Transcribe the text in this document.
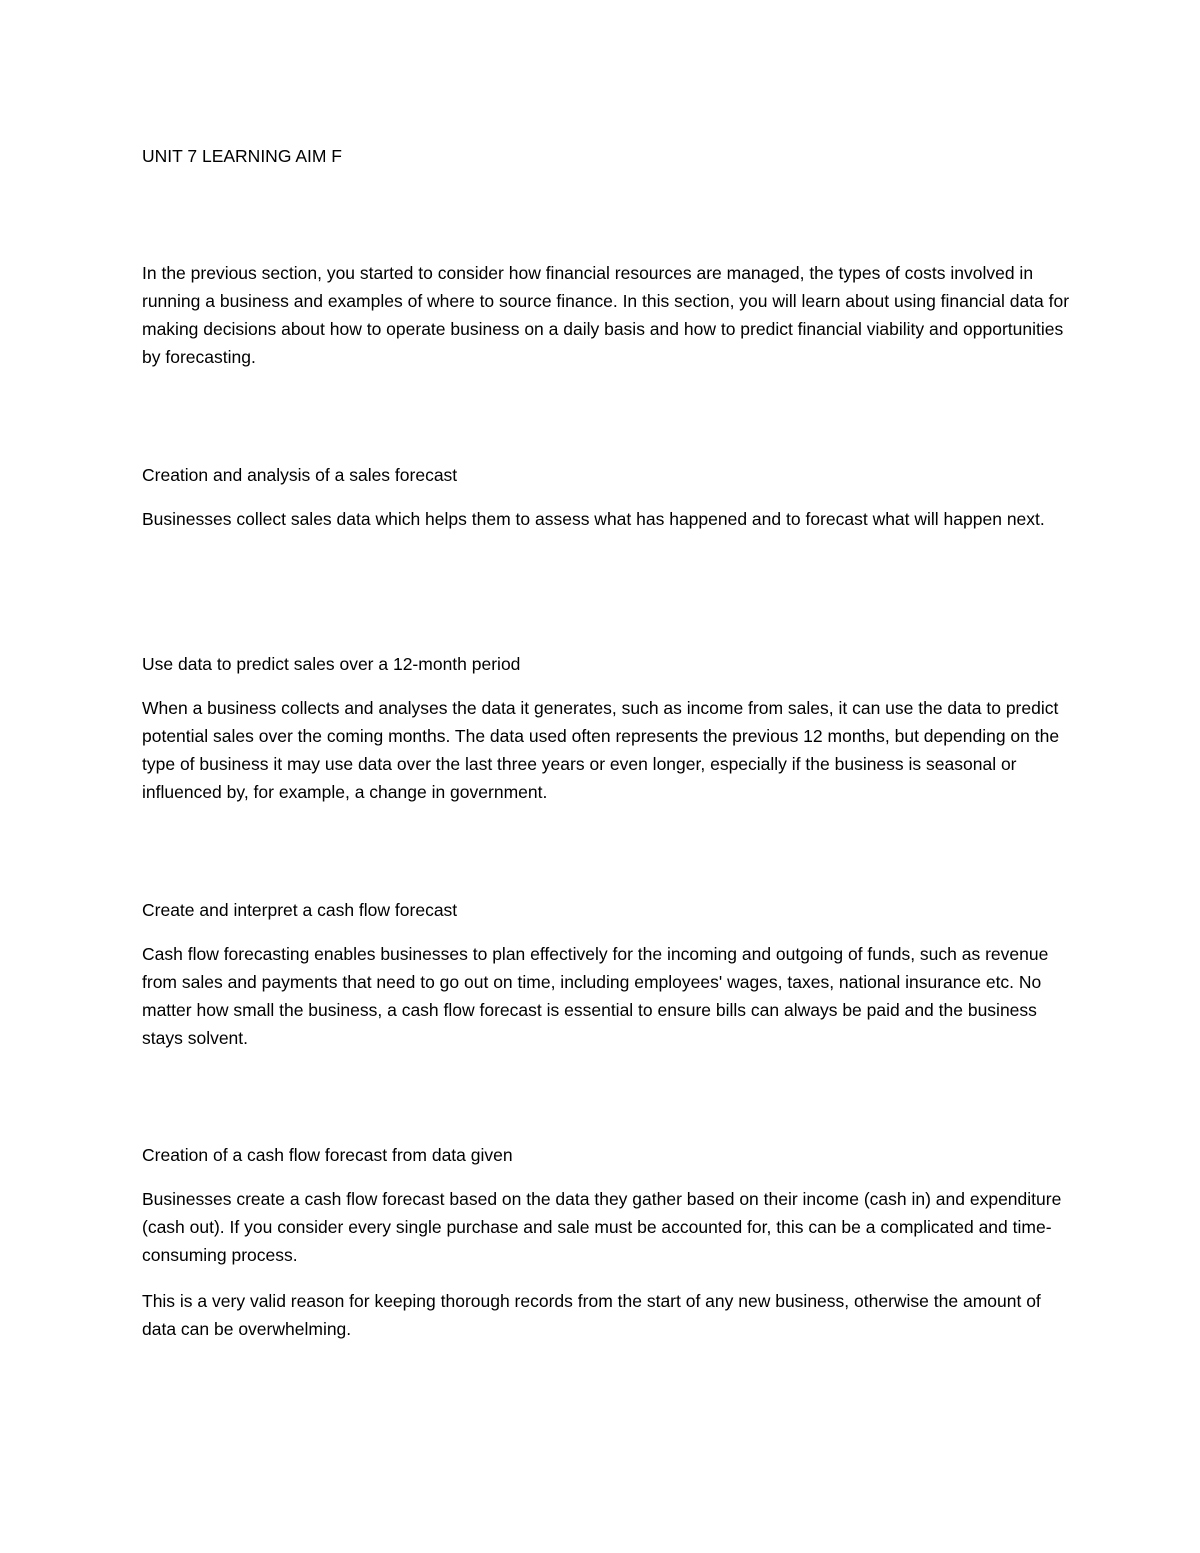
UNIT 7 LEARNING AIM F

In the previous section, you started to consider how financial resources are managed, the types of costs involved in running a business and examples of where to source finance. In this section, you will learn about using financial data for making decisions about how to operate business on a daily basis and how to predict financial viability and opportunities by forecasting.

Creation and analysis of a sales forecast

Businesses collect sales data which helps them to assess what has happened and to forecast what will happen next.

Use data to predict sales over a 12-month period

When a business collects and analyses the data it generates, such as income from sales, it can use the data to predict potential sales over the coming months. The data used often represents the previous 12 months, but depending on the type of business it may use data over the last three years or even longer, especially if the business is seasonal or influenced by, for example, a change in government.

Create and interpret a cash flow forecast

Cash flow forecasting enables businesses to plan effectively for the incoming and outgoing of funds, such as revenue from sales and payments that need to go out on time, including employees' wages, taxes, national insurance etc. No matter how small the business, a cash flow forecast is essential to ensure bills can always be paid and the business stays solvent.

Creation of a cash flow forecast from data given

Businesses create a cash flow forecast based on the data they gather based on their income (cash in) and expenditure (cash out). If you consider every single purchase and sale must be accounted for, this can be a complicated and time-consuming process.

This is a very valid reason for keeping thorough records from the start of any new business, otherwise the amount of data can be overwhelming.
